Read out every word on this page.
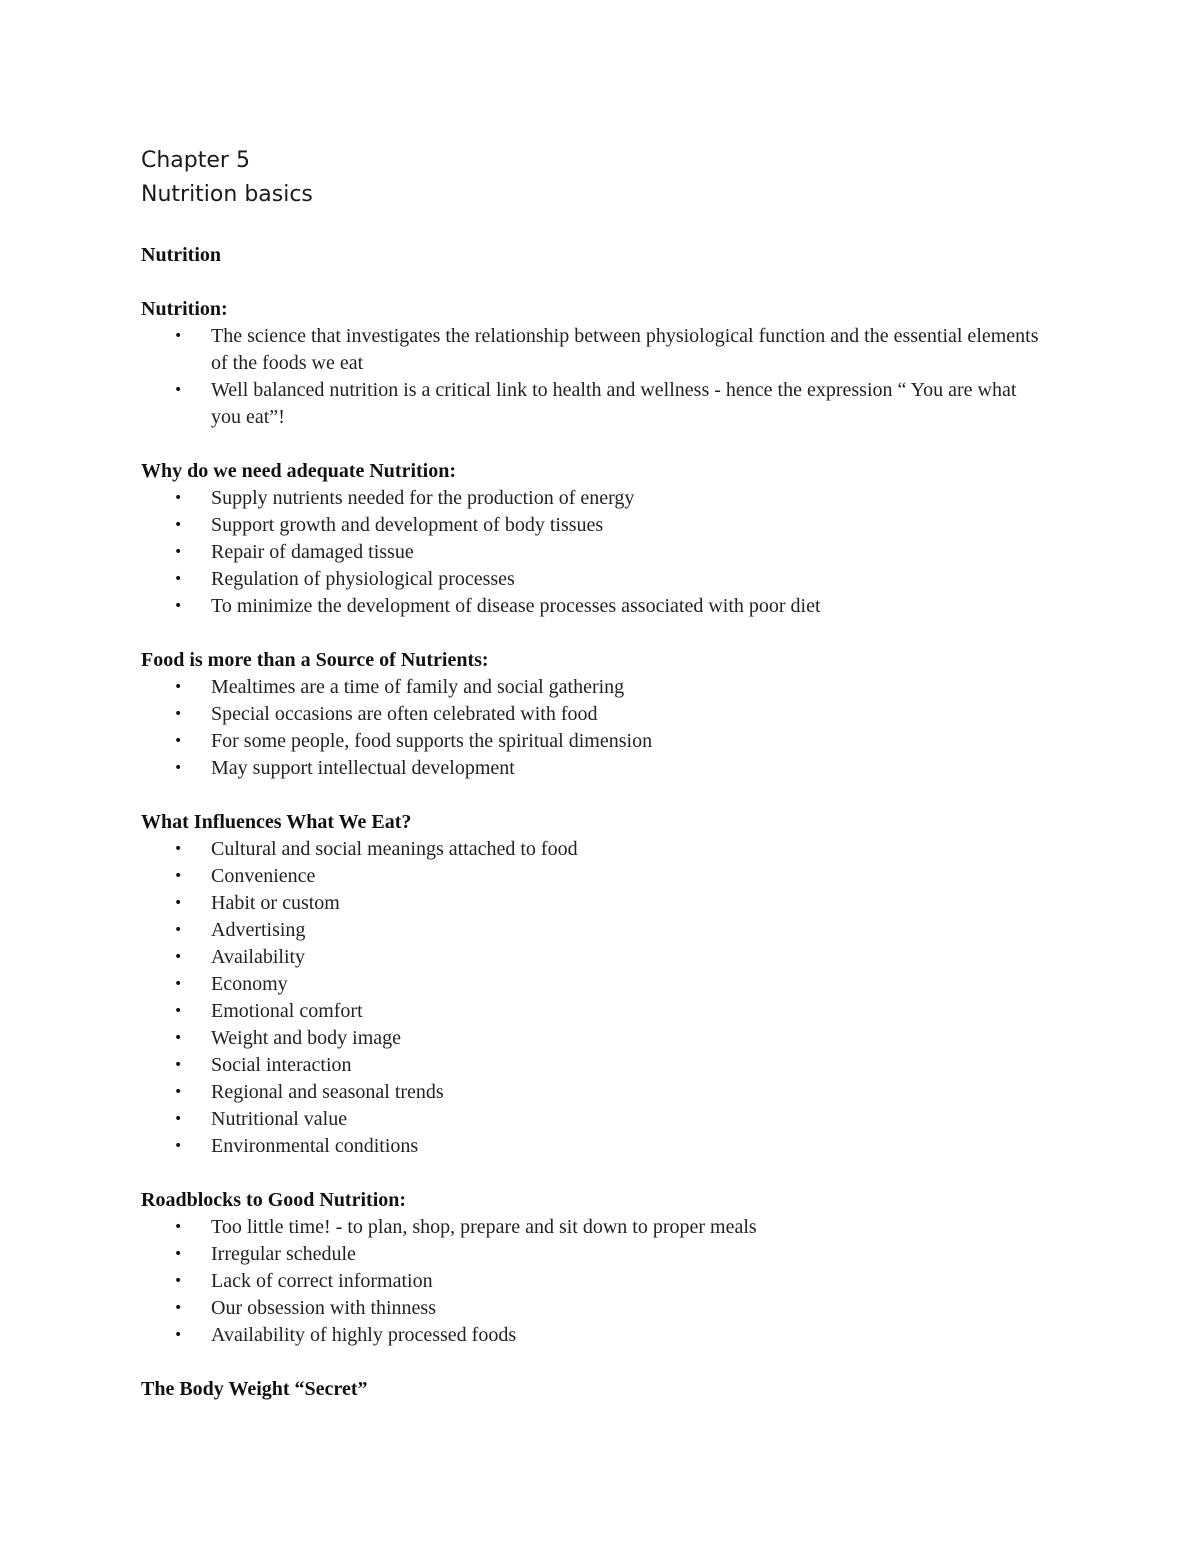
Chapter 5

Nutrition basics

Nutrition

Nutrition:

• The science that investigates the relationship between physiological function and the essential elements of the foods we eat
• Well balanced nutrition is a critical link to health and wellness - hence the expression “ You are what you eat”!

Why do we need adequate Nutrition:

• Supply nutrients needed for the production of energy
• Support growth and development of body tissues
• Repair of damaged tissue
• Regulation of physiological processes
• To minimize the development of disease processes associated with poor diet

Food is more than a Source of Nutrients:

• Mealtimes are a time of family and social gathering
• Special occasions are often celebrated with food
• For some people, food supports the spiritual dimension
• May support intellectual development

What Influences What We Eat?

• Cultural and social meanings attached to food
• Convenience
• Habit or custom
• Advertising
• Availability
• Economy
• Emotional comfort
• Weight and body image
• Social interaction
• Regional and seasonal trends
• Nutritional value
• Environmental conditions

Roadblocks to Good Nutrition:

• Too little time! - to plan, shop, prepare and sit down to proper meals
• Irregular schedule
• Lack of correct information
• Our obsession with thinness
• Availability of highly processed foods

The Body Weight “Secret”
